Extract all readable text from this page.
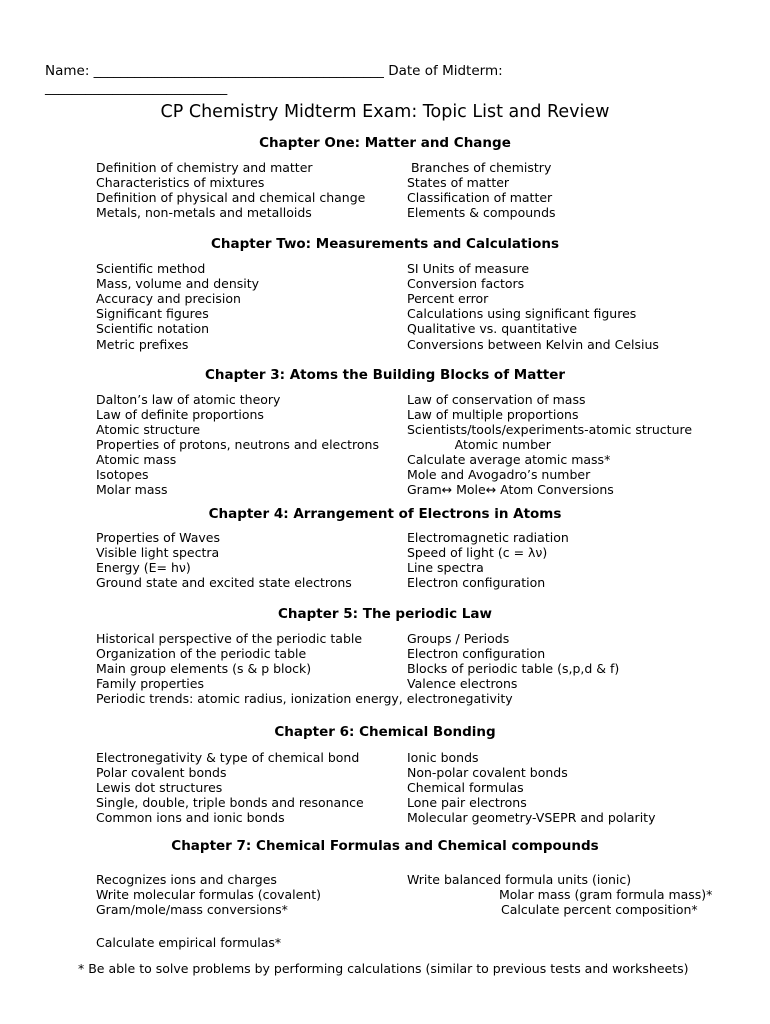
Name: ___________________________________________ Date of Midterm:
___________________________
CP Chemistry Midterm Exam: Topic List and Review
Chapter One: Matter and Change
Definition of chemistry and matter
Characteristics of mixtures
Definition of physical and chemical change
Metals, non-metals and metalloids
Branches of chemistry
States of matter
Classification of matter
Elements & compounds
Chapter Two: Measurements and Calculations
Scientific method
Mass, volume and density
Accuracy and precision
Significant figures
Scientific notation
Metric prefixes
SI Units of measure
Conversion factors
Percent error
Calculations using significant figures
Qualitative vs. quantitative
Conversions between Kelvin and Celsius
Chapter 3: Atoms the Building Blocks of Matter
Dalton’s law of atomic theory
Law of definite proportions
Atomic structure
Properties of protons, neutrons and electrons
Atomic mass
Isotopes
Molar mass
Law of conservation of mass
Law of multiple proportions
Scientists/tools/experiments-atomic structure
Atomic number
Calculate average atomic mass*
Mole and Avogadro’s number
Gram↔ Mole↔ Atom Conversions
Chapter 4: Arrangement of Electrons in Atoms
Properties of Waves
Visible light spectra
Energy (E= hν)
Ground state and excited state electrons
Electromagnetic radiation
Speed of light (c = λν)
Line spectra
Electron configuration
Chapter 5: The periodic Law
Historical perspective of the periodic table
Organization of the periodic table
Main group elements (s & p block)
Family properties
Periodic trends: atomic radius, ionization energy, electronegativity
Groups / Periods
Electron configuration
Blocks of periodic table (s,p,d & f)
Valence electrons
Chapter 6: Chemical Bonding
Electronegativity & type of chemical bond
Polar covalent bonds
Lewis dot structures
Single, double, triple bonds and resonance
Common ions and ionic bonds
Ionic bonds
Non-polar covalent bonds
Chemical formulas
Lone pair electrons
Molecular geometry-VSEPR and polarity
Chapter 7: Chemical Formulas and Chemical compounds
Recognizes ions and charges
Write molecular formulas (covalent)
Gram/mole/mass conversions*
Calculate empirical formulas*
Write balanced formula units (ionic)
Molar mass (gram formula mass)*
Calculate percent composition*
* Be able to solve problems by performing calculations (similar to previous tests and worksheets)
